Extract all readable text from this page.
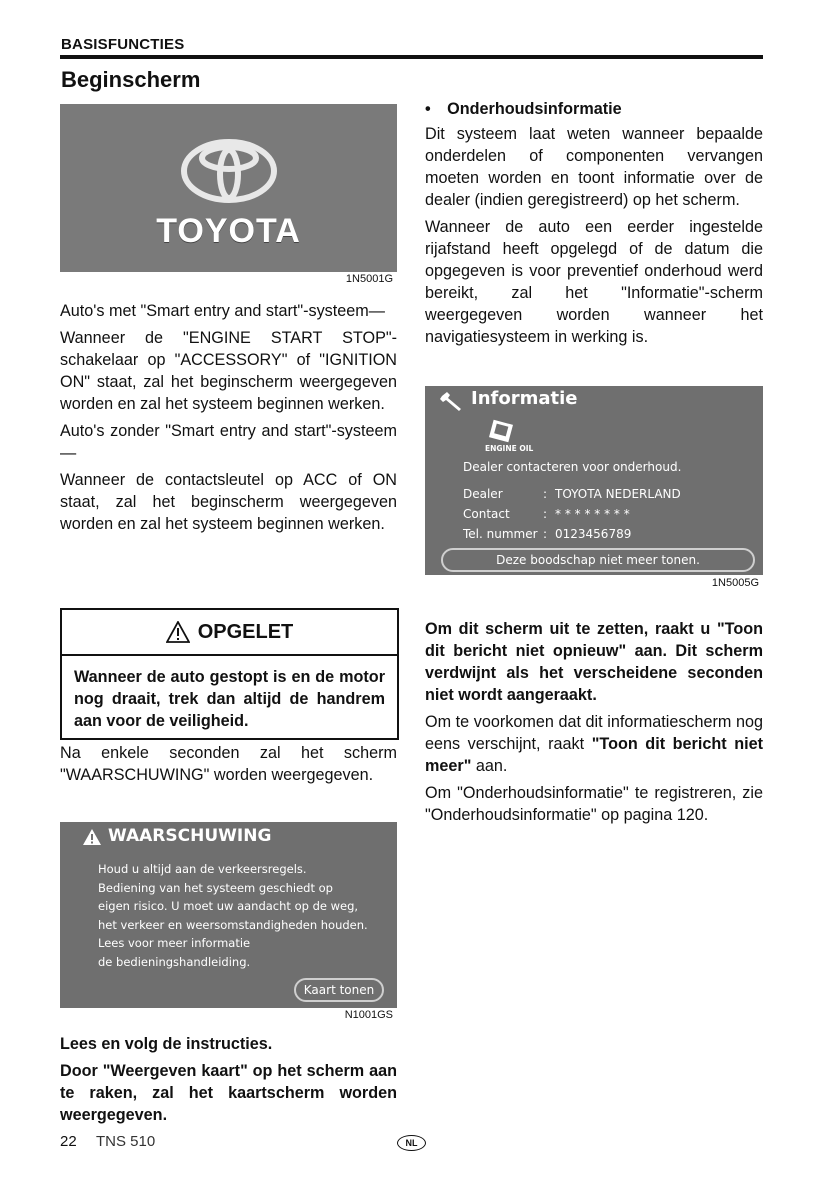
BASISFUNCTIES
Beginscherm
TOYOTA
1N5001G

Auto's met "Smart entry and start"-systeem—

Wanneer de "ENGINE START STOP"-schakelaar op "ACCESSORY" of "IGNITION ON" staat, zal het beginscherm weergegeven worden en zal het systeem beginnen werken.

Auto's zonder "Smart entry and start"-systeem—

Wanneer de contactsleutel op ACC of ON staat, zal het beginscherm weergegeven worden en zal het systeem beginnen werken.

OPGELET
Wanneer de auto gestopt is en de motor nog draait, trek dan altijd de handrem aan voor de veiligheid.

Na enkele seconden zal het scherm "WAARSCHUWING" worden weergegeven.

WAARSCHUWING
Houd u altijd aan de verkeersregels.
Bediening van het systeem geschiedt op
eigen risico. U moet uw aandacht op de weg,
het verkeer en weersomstandigheden houden.
Lees voor meer informatie
de bedieningshandleiding.
Kaart tonen
N1001GS

Lees en volg de instructies.

Door "Weergeven kaart" op het scherm aan te raken, zal het kaartscherm worden weergegeven.

• Onderhoudsinformatie

Dit systeem laat weten wanneer bepaalde onderdelen of componenten vervangen moeten worden en toont informatie over de dealer (indien geregistreerd) op het scherm.

Wanneer de auto een eerder ingestelde rijafstand heeft opgelegd of de datum die opgegeven is voor preventief onderhoud werd bereikt, zal het "Informatie"-scherm weergegeven worden wanneer het navigatiesysteem in werking is.

Informatie
ENGINE OIL
Dealer contacteren voor onderhoud.
Dealer	: TOYOTA NEDERLAND
Contact	: * * * * * * * *
Tel. nummer : 0123456789
Deze boodschap niet meer tonen.
1N5005G

Om dit scherm uit te zetten, raakt u "Toon dit bericht niet opnieuw" aan. Dit scherm verdwijnt als het verscheidene seconden niet wordt aangeraakt.

Om te voorkomen dat dit informatiescherm nog eens verschijnt, raakt "Toon dit bericht niet meer" aan.

Om "Onderhoudsinformatie" te registreren, zie "Onderhoudsinformatie" op pagina 120.

22 TNS 510	NL
